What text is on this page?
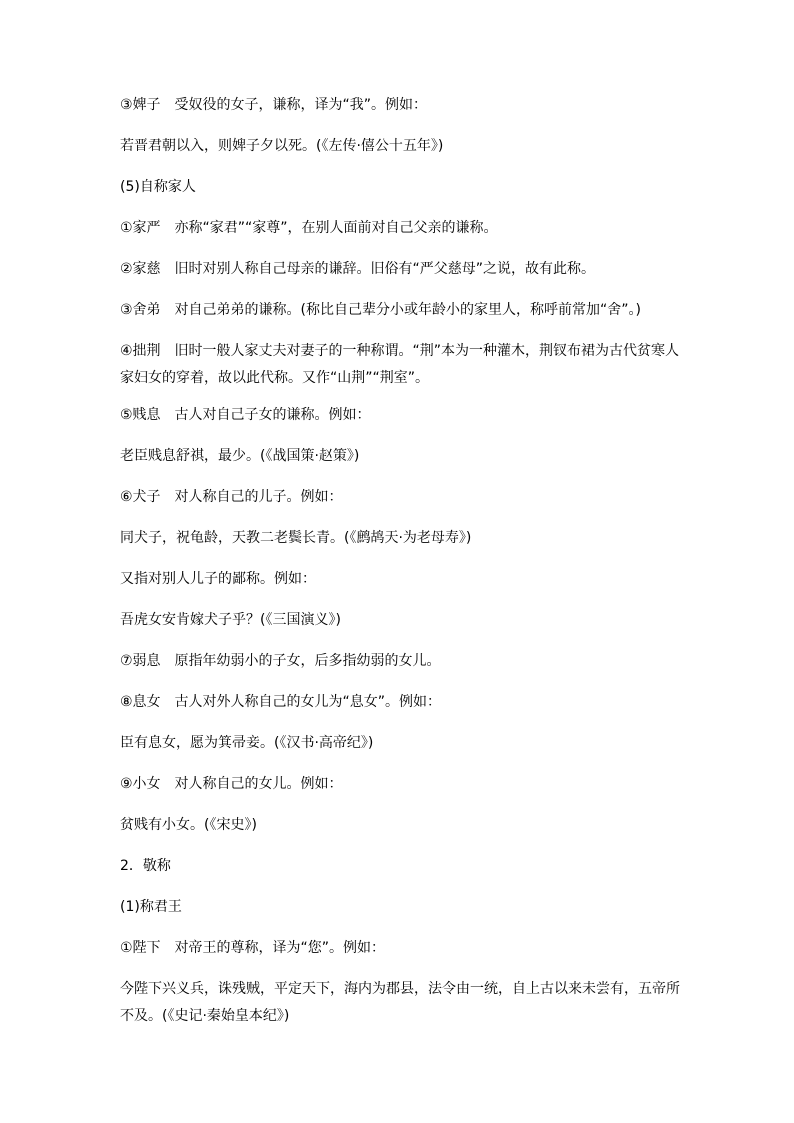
③婢子　受奴役的女子，谦称，译为“我”。例如：

若晋君朝以入，则婢子夕以死。(《左传·僖公十五年》)

(5)自称家人

①家严　亦称“家君”“家尊”，在别人面前对自己父亲的谦称。

②家慈　旧时对别人称自己母亲的谦辞。旧俗有“严父慈母”之说，故有此称。

③舍弟　对自己弟弟的谦称。(称比自己辈分小或年龄小的家里人，称呼前常加“舍”。)

④拙荆　旧时一般人家丈夫对妻子的一种称谓。“荆”本为一种灌木，荆钗布裙为古代贫寒人家妇女的穿着，故以此代称。又作“山荆”“荆室”。

⑤贱息　古人对自己子女的谦称。例如：

老臣贱息舒祺，最少。(《战国策·赵策》)

⑥犬子　对人称自己的儿子。例如：

同犬子，祝龟龄，天教二老鬓长青。(《鹧鸪天·为老母寿》)

又指对别人儿子的鄙称。例如：

吾虎女安肯嫁犬子乎？(《三国演义》)

⑦弱息　原指年幼弱小的子女，后多指幼弱的女儿。

⑧息女　古人对外人称自己的女儿为“息女”。例如：

臣有息女，愿为箕帚妾。(《汉书·高帝纪》)

⑨小女　对人称自己的女儿。例如：

贫贱有小女。(《宋史》)

2．敬称

(1)称君王

①陛下　对帝王的尊称，译为“您”。例如：

今陛下兴义兵，诛残贼，平定天下，海内为郡县，法令由一统，自上古以来未尝有，五帝所不及。(《史记·秦始皇本纪》)
